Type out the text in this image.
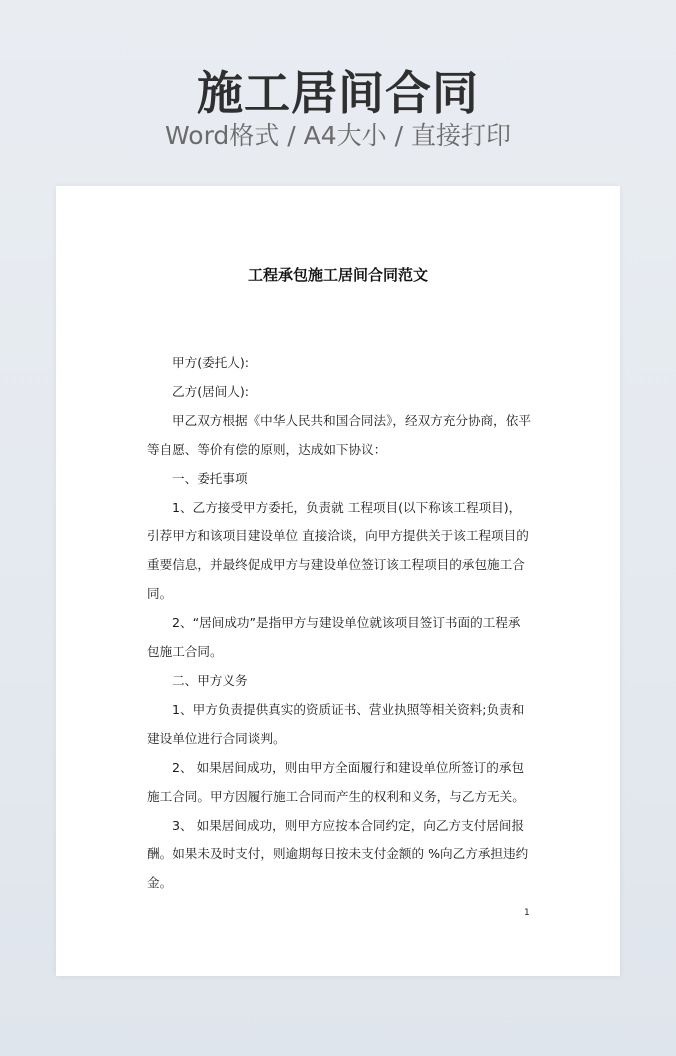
施工居间合同
Word格式 / A4大小 / 直接打印
工程承包施工居间合同范文

甲方(委托人):

乙方(居间人):

甲乙双方根据《中华人民共和国合同法》，经双方充分协商，依平等自愿、等价有偿的原则，达成如下协议：

一、委托事项

1、乙方接受甲方委托，负责就 工程项目(以下称该工程项目)，引荐甲方和该项目建设单位 直接洽谈，向甲方提供关于该工程项目的重要信息，并最终促成甲方与建设单位签订该工程项目的承包施工合同。

2、“居间成功”是指甲方与建设单位就该项目签订书面的工程承包施工合同。

二、甲方义务

1、甲方负责提供真实的资质证书、营业执照等相关资料;负责和建设单位进行合同谈判。

2、 如果居间成功，则由甲方全面履行和建设单位所签订的承包施工合同。甲方因履行施工合同而产生的权利和义务，与乙方无关。

3、 如果居间成功，则甲方应按本合同约定，向乙方支付居间报酬。如果未及时支付，则逾期每日按未支付金额的 %向乙方承担违约金。

1
